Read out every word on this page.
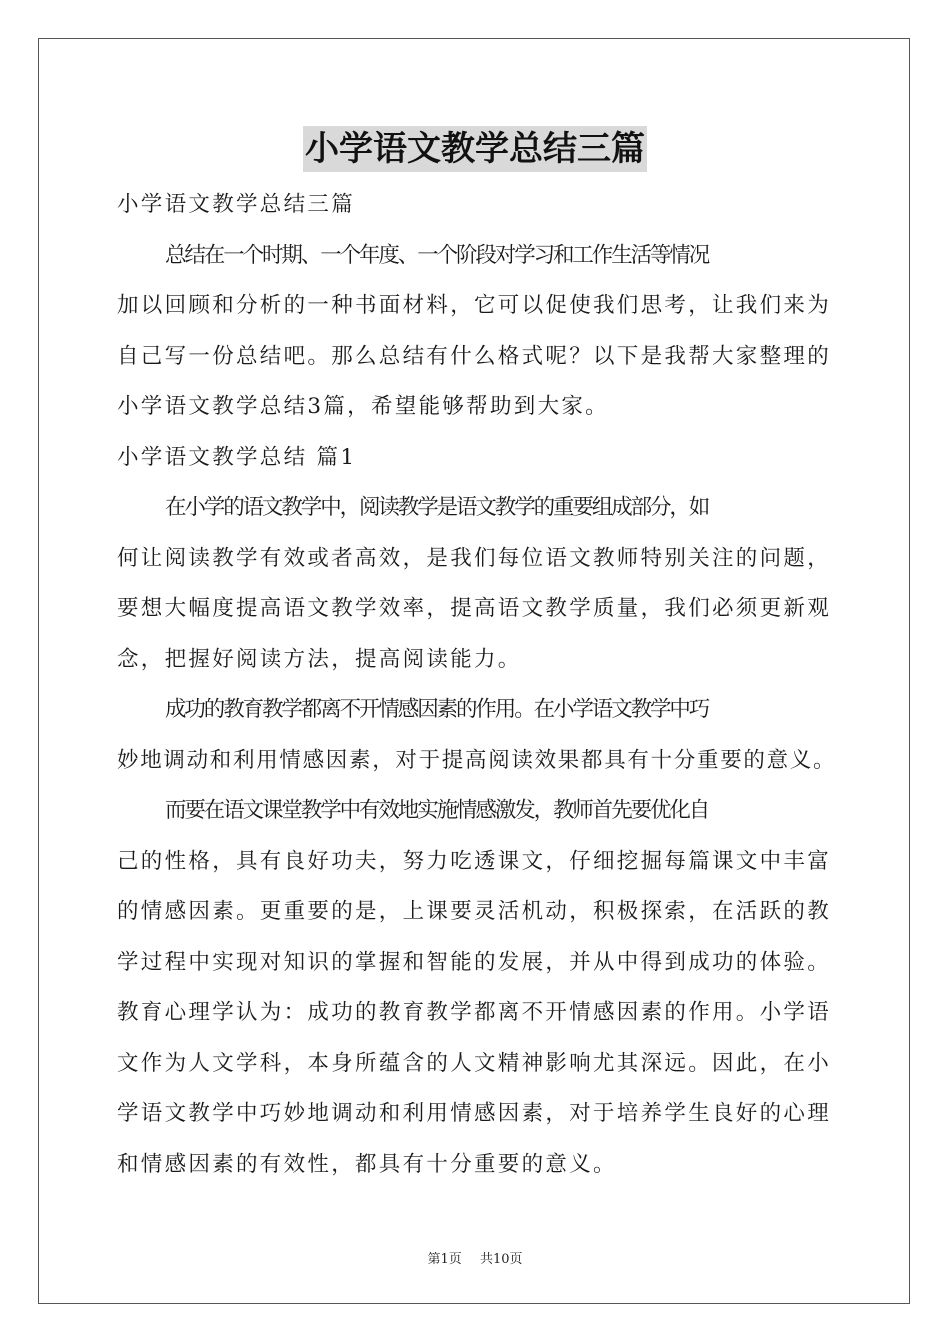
小学语文教学总结三篇

小学语文教学总结三篇

总结在一个时期、一个年度、一个阶段对学习和工作生活等情况

加以回顾和分析的一种书面材料，它可以促使我们思考，让我们来为

自己写一份总结吧。那么总结有什么格式呢？以下是我帮大家整理的

小学语文教学总结3篇，希望能够帮助到大家。

小学语文教学总结 篇1

在小学的语文教学中，阅读教学是语文教学的重要组成部分，如

何让阅读教学有效或者高效，是我们每位语文教师特别关注的问题，

要想大幅度提高语文教学效率，提高语文教学质量，我们必须更新观

念，把握好阅读方法，提高阅读能力。

成功的教育教学都离不开情感因素的作用。在小学语文教学中巧

妙地调动和利用情感因素，对于提高阅读效果都具有十分重要的意义。

而要在语文课堂教学中有效地实施情感激发，教师首先要优化自

己的性格，具有良好功夫，努力吃透课文，仔细挖掘每篇课文中丰富

的情感因素。更重要的是，上课要灵活机动，积极探索，在活跃的教

学过程中实现对知识的掌握和智能的发展，并从中得到成功的体验。

教育心理学认为：成功的教育教学都离不开情感因素的作用。小学语

文作为人文学科，本身所蕴含的人文精神影响尤其深远。因此，在小

学语文教学中巧妙地调动和利用情感因素，对于培养学生良好的心理

和情感因素的有效性，都具有十分重要的意义。

第1页 共10页
